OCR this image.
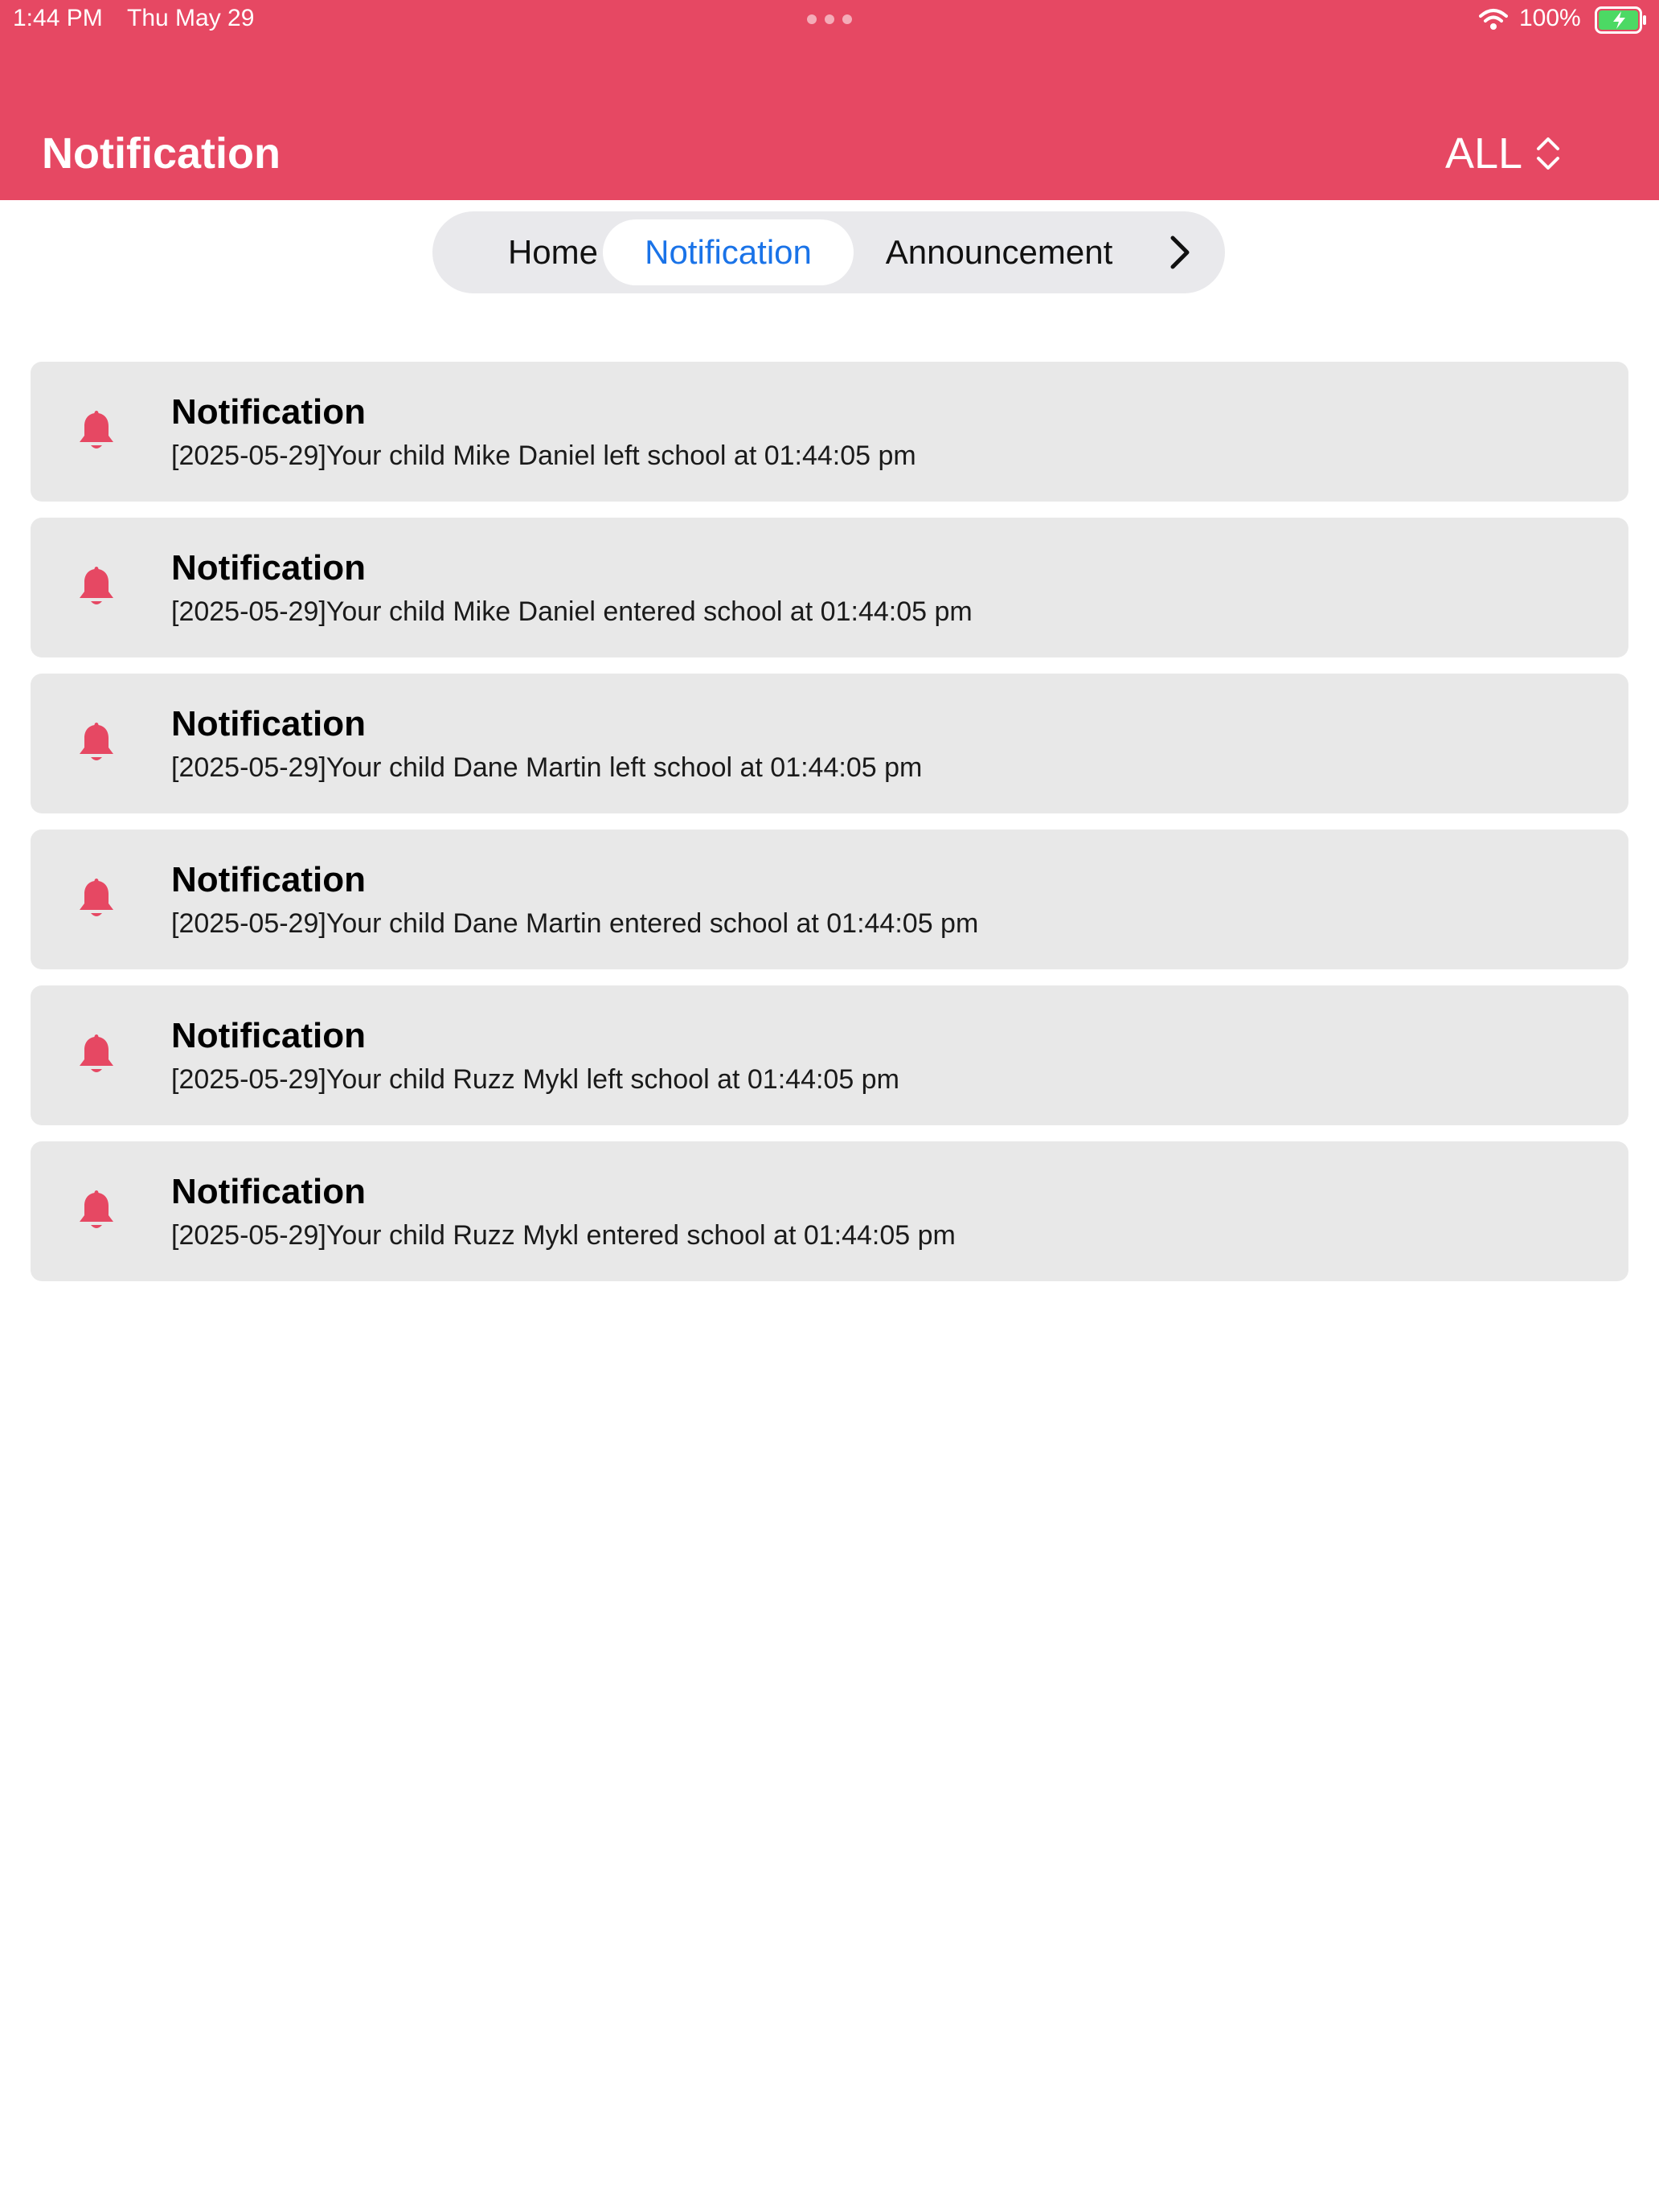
1:44 PM Thu May 29	100%
Notification	ALL
Home	Notification	Announcement
Notification
[2025-05-29]Your child Mike Daniel left school at 01:44:05 pm
Notification
[2025-05-29]Your child Mike Daniel entered school at 01:44:05 pm
Notification
[2025-05-29]Your child Dane Martin left school at 01:44:05 pm
Notification
[2025-05-29]Your child Dane Martin entered school at 01:44:05 pm
Notification
[2025-05-29]Your child Ruzz Mykl left school at 01:44:05 pm
Notification
[2025-05-29]Your child Ruzz Mykl entered school at 01:44:05 pm
